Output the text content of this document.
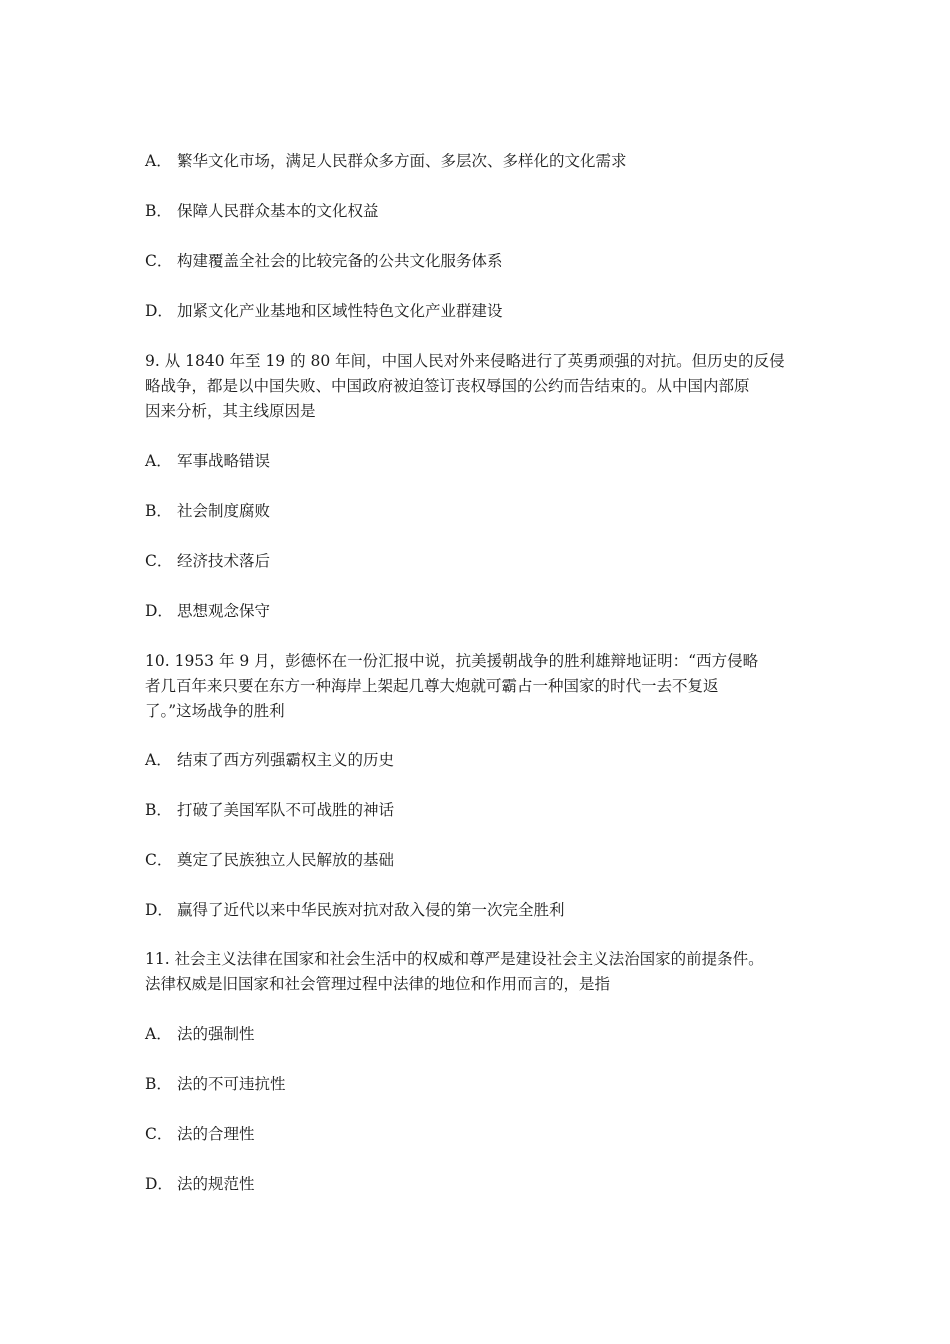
A． 繁华文化市场，满足人民群众多方面、多层次、多样化的文化需求
B． 保障人民群众基本的文化权益
C． 构建覆盖全社会的比较完备的公共文化服务体系
D． 加紧文化产业基地和区域性特色文化产业群建设
9. 从 1840 年至 19 的 80 年间，中国人民对外来侵略进行了英勇顽强的对抗。但历史的反侵
略战争，都是以中国失败、中国政府被迫签订丧权辱国的公约而告结束的。从中国内部原
因来分析，其主线原因是
A． 军事战略错误
B． 社会制度腐败
C． 经济技术落后
D． 思想观念保守
10. 1953 年 9 月，彭德怀在一份汇报中说，抗美援朝战争的胜利雄辩地证明：“西方侵略
者几百年来只要在东方一种海岸上架起几尊大炮就可霸占一种国家的时代一去不复返
了。”这场战争的胜利
A． 结束了西方列强霸权主义的历史
B． 打破了美国军队不可战胜的神话
C． 奠定了民族独立人民解放的基础
D． 赢得了近代以来中华民族对抗对敌入侵的第一次完全胜利
11. 社会主义法律在国家和社会生活中的权威和尊严是建设社会主义法治国家的前提条件。
法律权威是旧国家和社会管理过程中法律的地位和作用而言的，是指
A． 法的强制性
B． 法的不可违抗性
C． 法的合理性
D． 法的规范性
